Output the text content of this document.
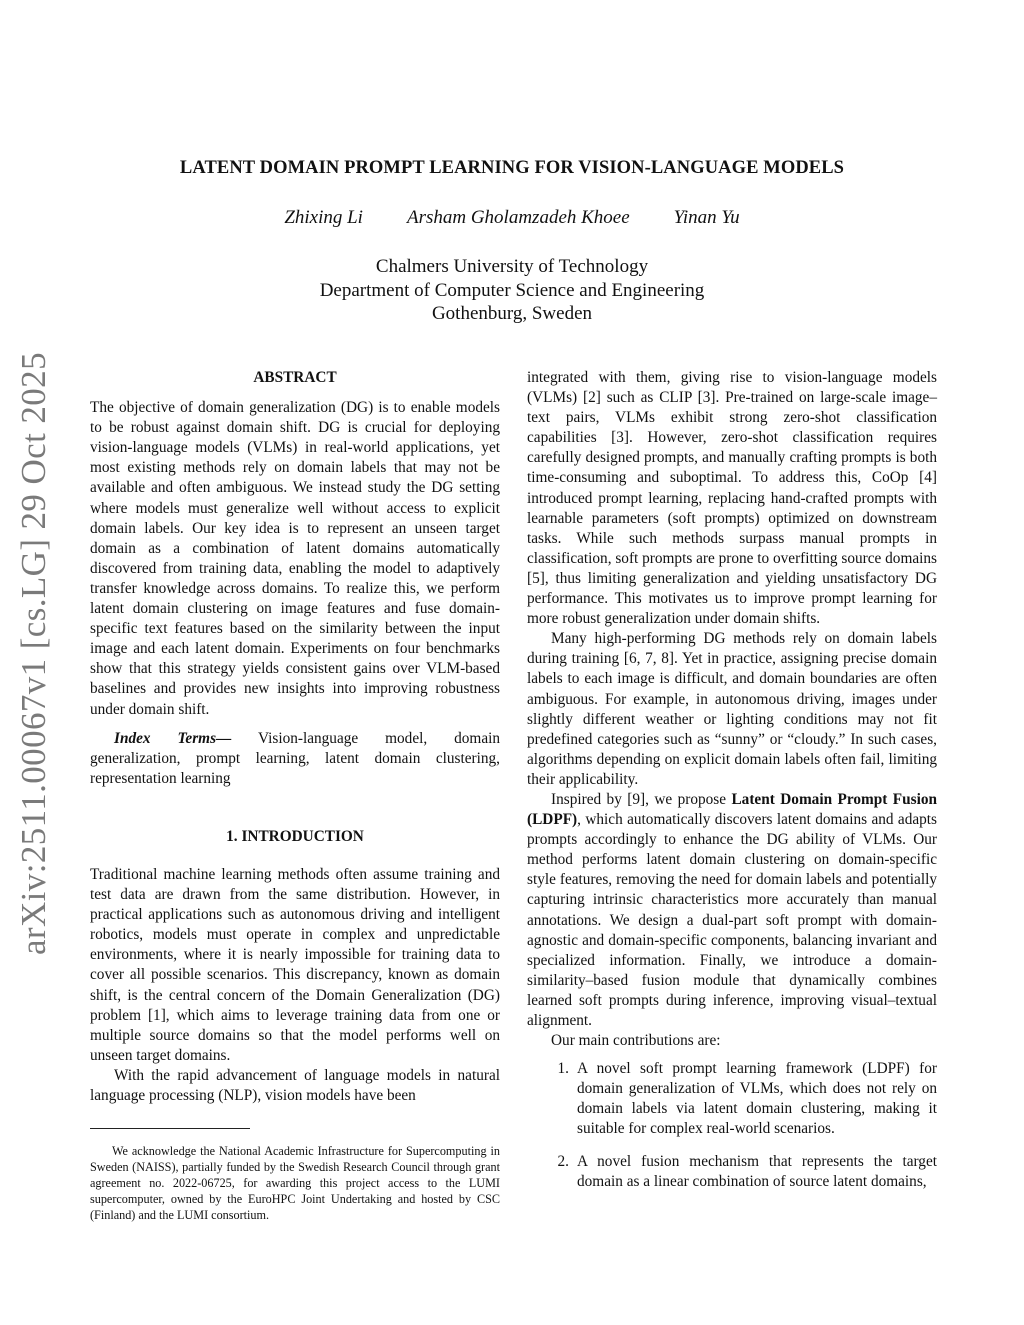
arXiv:2511.00067v1 [cs.LG] 29 Oct 2025
LATENT DOMAIN PROMPT LEARNING FOR VISION-LANGUAGE MODELS
Zhixing Li Arsham Gholamzadeh Khoee Yinan Yu
Chalmers University of Technology
Department of Computer Science and Engineering
Gothenburg, Sweden
ABSTRACT

The objective of domain generalization (DG) is to enable models to be robust against domain shift. DG is crucial for deploying vision-language models (VLMs) in real-world applications, yet most existing methods rely on domain labels that may not be available and often ambiguous. We instead study the DG setting where models must generalize well without access to explicit domain labels. Our key idea is to represent an unseen target domain as a combination of latent domains automatically discovered from training data, enabling the model to adaptively transfer knowledge across domains. To realize this, we perform latent domain clustering on image features and fuse domain-specific text features based on the similarity between the input image and each latent domain. Experiments on four benchmarks show that this strategy yields consistent gains over VLM-based baselines and provides new insights into improving robustness under domain shift.

Index Terms— Vision-language model, domain generalization, prompt learning, latent domain clustering, representation learning

1. INTRODUCTION

Traditional machine learning methods often assume training and test data are drawn from the same distribution. However, in practical applications such as autonomous driving and intelligent robotics, models must operate in complex and unpredictable environments, where it is nearly impossible for training data to cover all possible scenarios. This discrepancy, known as domain shift, is the central concern of the Domain Generalization (DG) problem [1], which aims to leverage training data from one or multiple source domains so that the model performs well on unseen target domains.

With the rapid advancement of language models in natural language processing (NLP), vision models have been

We acknowledge the National Academic Infrastructure for Supercomputing in Sweden (NAISS), partially funded by the Swedish Research Council through grant agreement no. 2022-06725, for awarding this project access to the LUMI supercomputer, owned by the EuroHPC Joint Undertaking and hosted by CSC (Finland) and the LUMI consortium.

integrated with them, giving rise to vision-language models (VLMs) [2] such as CLIP [3]. Pre-trained on large-scale image–text pairs, VLMs exhibit strong zero-shot classification capabilities [3]. However, zero-shot classification requires carefully designed prompts, and manually crafting prompts is both time-consuming and suboptimal. To address this, CoOp [4] introduced prompt learning, replacing hand-crafted prompts with learnable parameters (soft prompts) optimized on downstream tasks. While such methods surpass manual prompts in classification, soft prompts are prone to overfitting source domains [5], thus limiting generalization and yielding unsatisfactory DG performance. This motivates us to improve prompt learning for more robust generalization under domain shifts.

Many high-performing DG methods rely on domain labels during training [6, 7, 8]. Yet in practice, assigning precise domain labels to each image is difficult, and domain boundaries are often ambiguous. For example, in autonomous driving, images under slightly different weather or lighting conditions may not fit predefined categories such as “sunny” or “cloudy.” In such cases, algorithms depending on explicit domain labels often fail, limiting their applicability.

Inspired by [9], we propose Latent Domain Prompt Fusion (LDPF), which automatically discovers latent domains and adapts prompts accordingly to enhance the DG ability of VLMs. Our method performs latent domain clustering on domain-specific style features, removing the need for domain labels and potentially capturing intrinsic characteristics more accurately than manual annotations. We design a dual-part soft prompt with domain-agnostic and domain-specific components, balancing invariant and specialized information. Finally, we introduce a domain-similarity–based fusion module that dynamically combines learned soft prompts during inference, improving visual–textual alignment.

Our main contributions are:

1. A novel soft prompt learning framework (LDPF) for domain generalization of VLMs, which does not rely on domain labels via latent domain clustering, making it suitable for complex real-world scenarios.
2. A novel fusion mechanism that represents the target domain as a linear combination of source latent domains,
